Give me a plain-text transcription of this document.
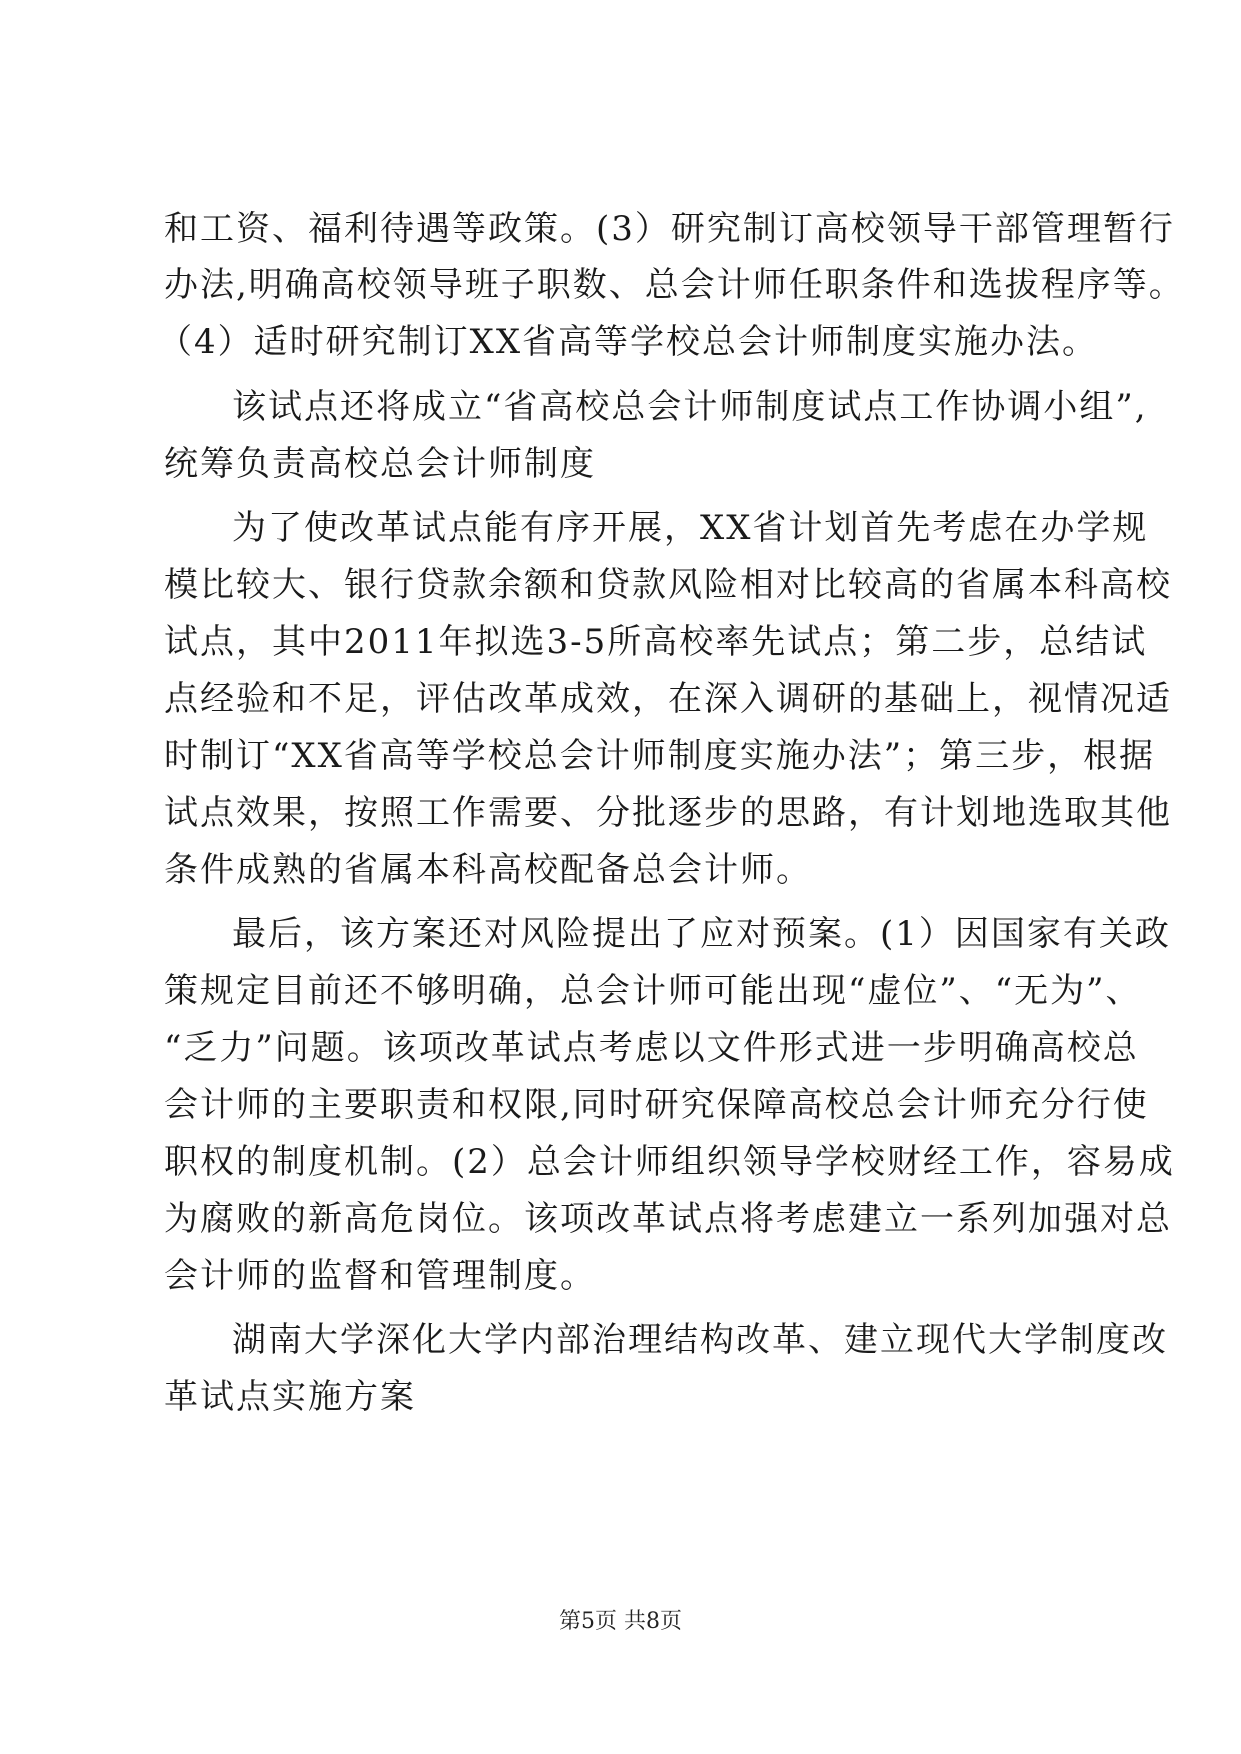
和工资、福利待遇等政策。(3）研究制订高校领导干部管理暂行
办法,明确高校领导班子职数、总会计师任职条件和选拔程序等。
（4）适时研究制订XX省高等学校总会计师制度实施办法。
该试点还将成立“省高校总会计师制度试点工作协调小组”,
统筹负责高校总会计师制度
为了使改革试点能有序开展，XX省计划首先考虑在办学规
模比较大、银行贷款余额和贷款风险相对比较高的省属本科高校
试点，其中2011年拟选3-5所高校率先试点；第二步，总结试
点经验和不足，评估改革成效，在深入调研的基础上，视情况适
时制订“XX省高等学校总会计师制度实施办法”；第三步，根据
试点效果，按照工作需要、分批逐步的思路，有计划地选取其他
条件成熟的省属本科高校配备总会计师。
最后，该方案还对风险提出了应对预案。(1）因国家有关政
策规定目前还不够明确，总会计师可能出现“虚位”、“无为”、
“乏力”问题。该项改革试点考虑以文件形式进一步明确高校总
会计师的主要职责和权限,同时研究保障高校总会计师充分行使
职权的制度机制。(2）总会计师组织领导学校财经工作，容易成
为腐败的新高危岗位。该项改革试点将考虑建立一系列加强对总
会计师的监督和管理制度。
湖南大学深化大学内部治理结构改革、建立现代大学制度改
革试点实施方案
第5页 共8页
